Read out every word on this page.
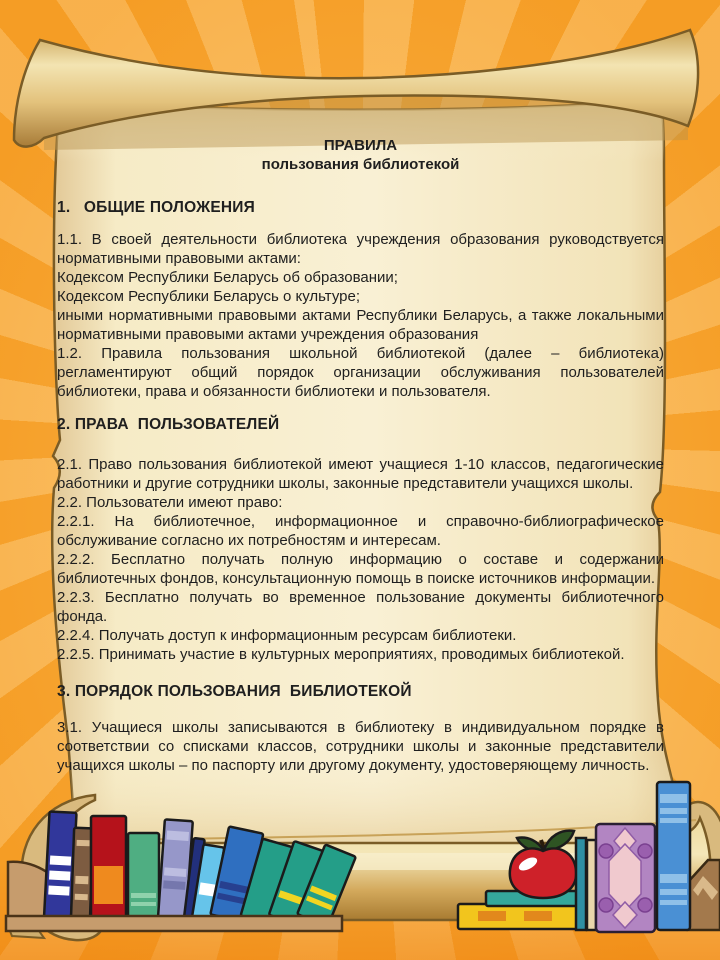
ПРАВИЛА
пользования библиотекой
1.   ОБЩИЕ ПОЛОЖЕНИЯ

1.1. В своей деятельности библиотека учреждения образования руководствуется нормативными правовыми актами:

Кодексом Республики Беларусь об образовании;

Кодексом Республики Беларусь о культуре;

иными нормативными правовыми актами Республики Беларусь, а также локальными нормативными правовыми актами учреждения образования

1.2. Правила пользования школьной библиотекой (далее – библиотека) регламентируют общий порядок организации обслуживания пользователей библиотеки, права и обязанности библиотеки и пользователя.

2. ПРАВА  ПОЛЬЗОВАТЕЛЕЙ

2.1. Право пользования библиотекой имеют учащиеся 1-10 классов, педагогические работники и другие сотрудники школы, законные представители учащихся школы.

2.2. Пользователи имеют право:

2.2.1. На библиотечное, информационное и справочно-библиографическое обслуживание согласно их потребностям и интересам.

2.2.2. Бесплатно получать полную информацию о составе и содержании библиотечных фондов, консультационную помощь в поиске источников информации.

2.2.3. Бесплатно получать во временное пользование документы библиотечного фонда.

2.2.4. Получать доступ к информационным ресурсам библиотеки.

2.2.5. Принимать участие в культурных мероприятиях, проводимых библиотекой.

3. ПОРЯДОК ПОЛЬЗОВАНИЯ  БИБЛИОТЕКОЙ

3.1. Учащиеся школы записываются в библиотеку в индивидуальном порядке в соответствии со списками классов, сотрудники школы и законные представители учащихся школы – по паспорту или другому документу, удостоверяющему личность.
